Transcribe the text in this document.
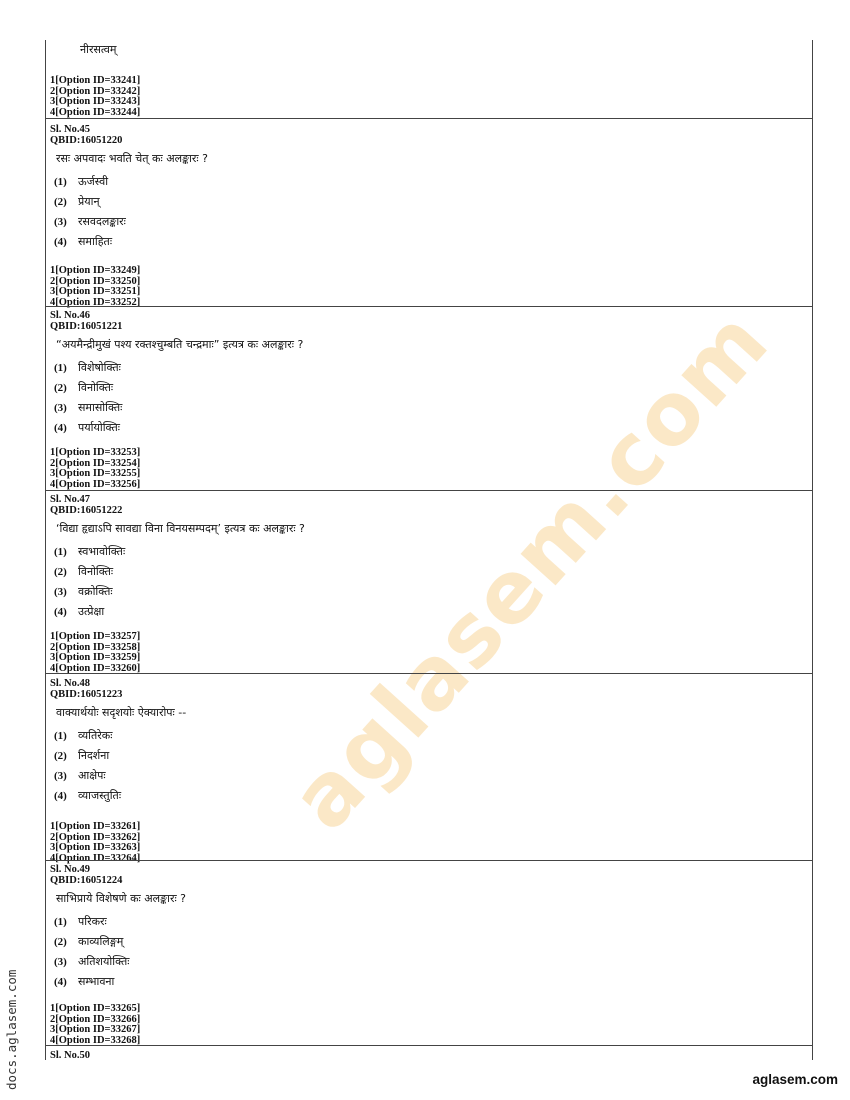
aglasem.com
नीरसत्वम्
1[Option ID=33241]
2[Option ID=33242]
3[Option ID=33243]
4[Option ID=33244]
Sl. No.45
QBID:16051220
रसः अपवादः भवति चेत् कः अलङ्कारः ?
(1) ऊर्जस्वी
(2) प्रेयान्
(3) रसवदलङ्कारः
(4) समाहितः
1[Option ID=33249]
2[Option ID=33250]
3[Option ID=33251]
4[Option ID=33252]
Sl. No.46
QBID:16051221
“अयमैन्द्रीमुखं पश्य रक्तश्चुम्बति चन्द्रमाः” इत्यत्र कः अलङ्कारः ?
(1) विशेषोक्तिः
(2) विनोक्तिः
(3) समासोक्तिः
(4) पर्यायोक्तिः
1[Option ID=33253]
2[Option ID=33254]
3[Option ID=33255]
4[Option ID=33256]
Sl. No.47
QBID:16051222
‘विद्या हृद्याऽपि सावद्या विना विनयसम्पदम्’ इत्यत्र कः अलङ्कारः ?
(1) स्वभावोक्तिः
(2) विनोक्तिः
(3) वक्रोक्तिः
(4) उत्प्रेक्षा
1[Option ID=33257]
2[Option ID=33258]
3[Option ID=33259]
4[Option ID=33260]
Sl. No.48
QBID:16051223
वाक्यार्थयोः सदृशयोः ऐक्यारोपः --
(1) व्यतिरेकः
(2) निदर्शना
(3) आक्षेपः
(4) व्याजस्तुतिः
1[Option ID=33261]
2[Option ID=33262]
3[Option ID=33263]
4[Option ID=33264]
Sl. No.49
QBID:16051224
साभिप्राये विशेषणे कः अलङ्कारः ?
(1) परिकरः
(2) काव्यलिङ्गम्
(3) अतिशयोक्तिः
(4) सम्भावना
1[Option ID=33265]
2[Option ID=33266]
3[Option ID=33267]
4[Option ID=33268]
Sl. No.50
docs.aglasem.com	aglasem.com
